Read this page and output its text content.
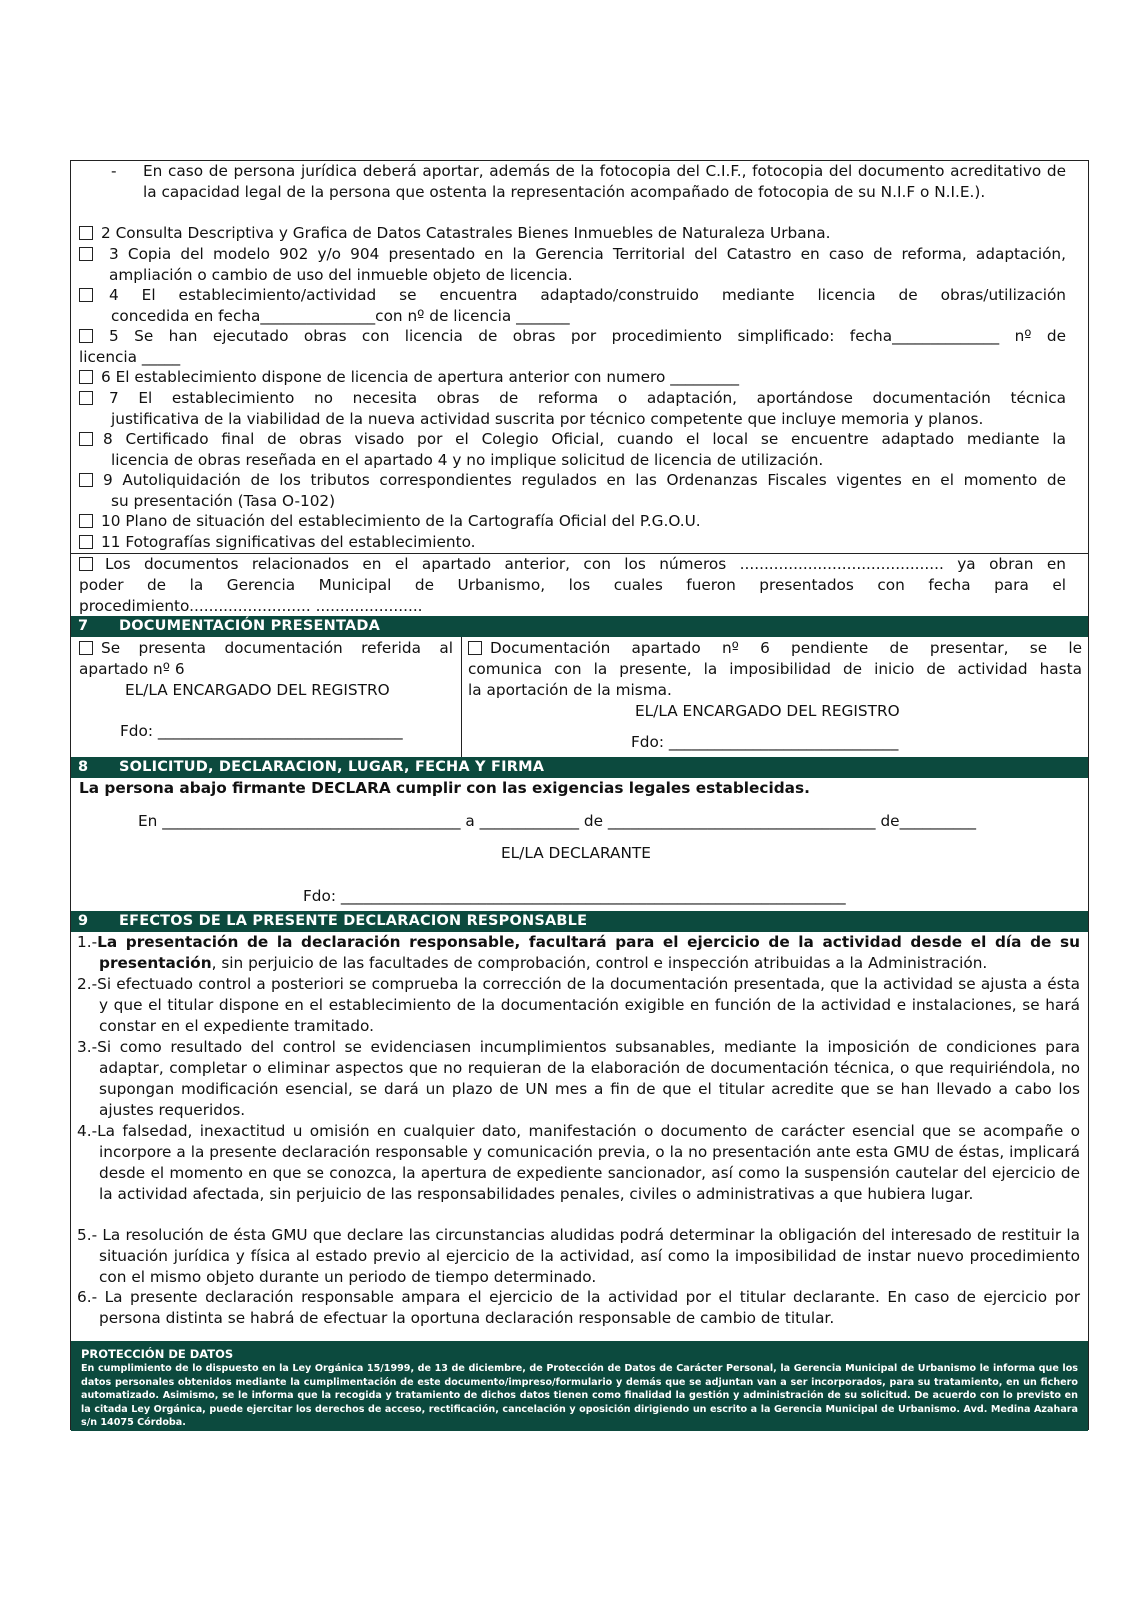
- En caso de persona jurídica deberá aportar, además de la fotocopia del C.I.F., fotocopia del documento acreditativo de la capacidad legal de la persona que ostenta la representación acompañado de fotocopia de su N.I.F o N.I.E.).
2 Consulta Descriptiva y Grafica de Datos Catastrales Bienes Inmuebles de Naturaleza Urbana.
3 Copia del modelo 902 y/o 904 presentado en la Gerencia Territorial del Catastro en caso de reforma, adaptación, ampliación o cambio de uso del inmueble objeto de licencia.
4 El establecimiento/actividad se encuentra adaptado/construido mediante licencia de obras/utilización
concedida en fecha_______________con nº de licencia _______
5 Se han ejecutado obras con licencia de obras por procedimiento simplificado: fecha______________ nº de
licencia _____
6 El establecimiento dispone de licencia de apertura anterior con numero _________
7 El establecimiento no necesita obras de reforma o adaptación, aportándose documentación técnica
justificativa de la viabilidad de la nueva actividad suscrita por técnico competente que incluye memoria y planos.
8 Certificado final de obras visado por el Colegio Oficial, cuando el local se encuentre adaptado mediante la
licencia de obras reseñada en el apartado 4 y no implique solicitud de licencia de utilización.
9 Autoliquidación de los tributos correspondientes regulados en las Ordenanzas Fiscales vigentes en el momento de
su presentación (Tasa O-102)
10 Plano de situación del establecimiento de la Cartografía Oficial del P.G.O.U.
11 Fotografías significativas del establecimiento.
Los documentos relacionados en el apartado anterior, con los números .......................................... ya obran en
poder de la Gerencia Municipal de Urbanismo, los cuales fueron presentados con fecha para el
procedimiento......................... ......................
7 DOCUMENTACIÓN PRESENTADA
Se presenta documentación referida al
apartado nº 6
EL/LA ENCARGADO DEL REGISTRO
Fdo: ________________________________
Documentación apartado nº 6 pendiente de presentar, se le
comunica con la presente, la imposibilidad de inicio de actividad hasta
la aportación de la misma.
EL/LA ENCARGADO DEL REGISTRO
Fdo: ______________________________
8 SOLICITUD, DECLARACION, LUGAR, FECHA Y FIRMA
La persona abajo firmante DECLARA cumplir con las exigencias legales establecidas.
En _______________________________________ a _____________ de ___________________________________ de__________
EL/LA DECLARANTE
Fdo: __________________________________________________________________
9 EFECTOS DE LA PRESENTE DECLARACION RESPONSABLE
1.-La presentación de la declaración responsable, facultará para el ejercicio de la actividad desde el día de su
presentación, sin perjuicio de las facultades de comprobación, control e inspección atribuidas a la Administración.
2.-Si efectuado control a posteriori se comprueba la corrección de la documentación presentada, que la actividad se ajusta a ésta y que el titular dispone en el establecimiento de la documentación exigible en función de la actividad e instalaciones, se hará constar en el expediente tramitado.
3.-Si como resultado del control se evidenciasen incumplimientos subsanables, mediante la imposición de condiciones para adaptar, completar o eliminar aspectos que no requieran de la elaboración de documentación técnica, o que requiriéndola, no supongan modificación esencial, se dará un plazo de UN mes a fin de que el titular acredite que se han llevado a cabo los ajustes requeridos.
4.-La falsedad, inexactitud u omisión en cualquier dato, manifestación o documento de carácter esencial que se acompañe o incorpore a la presente declaración responsable y comunicación previa, o la no presentación ante esta GMU de éstas, implicará desde el momento en que se conozca, la apertura de expediente sancionador, así como la suspensión cautelar del ejercicio de la actividad afectada, sin perjuicio de las responsabilidades penales, civiles o administrativas a que hubiera lugar.
5.- La resolución de ésta GMU que declare las circunstancias aludidas podrá determinar la obligación del interesado de restituir la situación jurídica y física al estado previo al ejercicio de la actividad, así como la imposibilidad de instar nuevo procedimiento con el mismo objeto durante un periodo de tiempo determinado.
6.- La presente declaración responsable ampara el ejercicio de la actividad por el titular declarante. En caso de ejercicio por persona distinta se habrá de efectuar la oportuna declaración responsable de cambio de titular.
PROTECCIÓN DE DATOS
En cumplimiento de lo dispuesto en la Ley Orgánica 15/1999, de 13 de diciembre, de Protección de Datos de Carácter Personal, la Gerencia Municipal de Urbanismo le informa que los datos personales obtenidos mediante la cumplimentación de este documento/impreso/formulario y demás que se adjuntan van a ser incorporados, para su tratamiento, en un fichero automatizado. Asimismo, se le informa que la recogida y tratamiento de dichos datos tienen como finalidad la gestión y administración de su solicitud. De acuerdo con lo previsto en la citada Ley Orgánica, puede ejercitar los derechos de acceso, rectificación, cancelación y oposición dirigiendo un escrito a la Gerencia Municipal de Urbanismo. Avd. Medina Azahara s/n 14075 Córdoba.
